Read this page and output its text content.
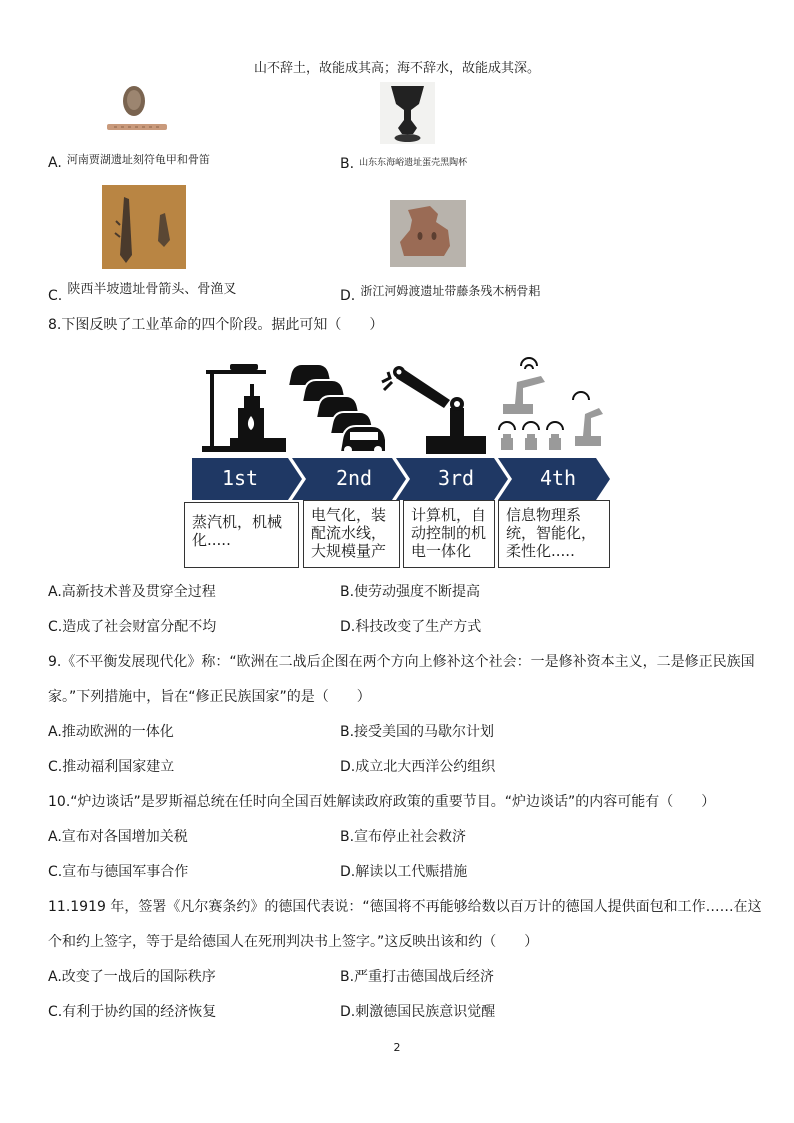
山不辞土，故能成其高；海不辞水，故能成其深。
A. 河南贾湖遗址刻符龟甲和骨笛	B. 山东东海峪遗址蛋壳黑陶杯
C. 陕西半坡遗址骨箭头、骨渔叉	D. 浙江河姆渡遗址带藤条残木柄骨耜
8.下图反映了工业革命的四个阶段。据此可知（　　）
1st	2nd	3rd	4th
蒸汽机，机械化.....
电气化，装配流水线，大规模量产
计算机，自动控制的机电一体化
信息物理系统，智能化，柔性化.....
A.高新技术普及贯穿全过程	B.使劳动强度不断提高
C.造成了社会财富分配不均	D.科技改变了生产方式
9.《不平衡发展现代化》称：“欧洲在二战后企图在两个方向上修补这个社会：一是修补资本主义，二是修正民族国
家。”下列措施中，旨在“修正民族国家”的是（　　）
A.推动欧洲的一体化	B.接受美国的马歇尔计划
C.推动福利国家建立	D.成立北大西洋公约组织
10.“炉边谈话”是罗斯福总统在任时向全国百姓解读政府政策的重要节目。“炉边谈话”的内容可能有（　　）
A.宣布对各国增加关税	B.宣布停止社会救济
C.宣布与德国军事合作	D.解读以工代赈措施
11.1919 年，签署《凡尔赛条约》的德国代表说：“德国将不再能够给数以百万计的德国人提供面包和工作……在这
个和约上签字，等于是给德国人在死刑判决书上签字。”这反映出该和约（　　）
A.改变了一战后的国际秩序	B.严重打击德国战后经济
C.有利于协约国的经济恢复	D.刺激德国民族意识觉醒
2
